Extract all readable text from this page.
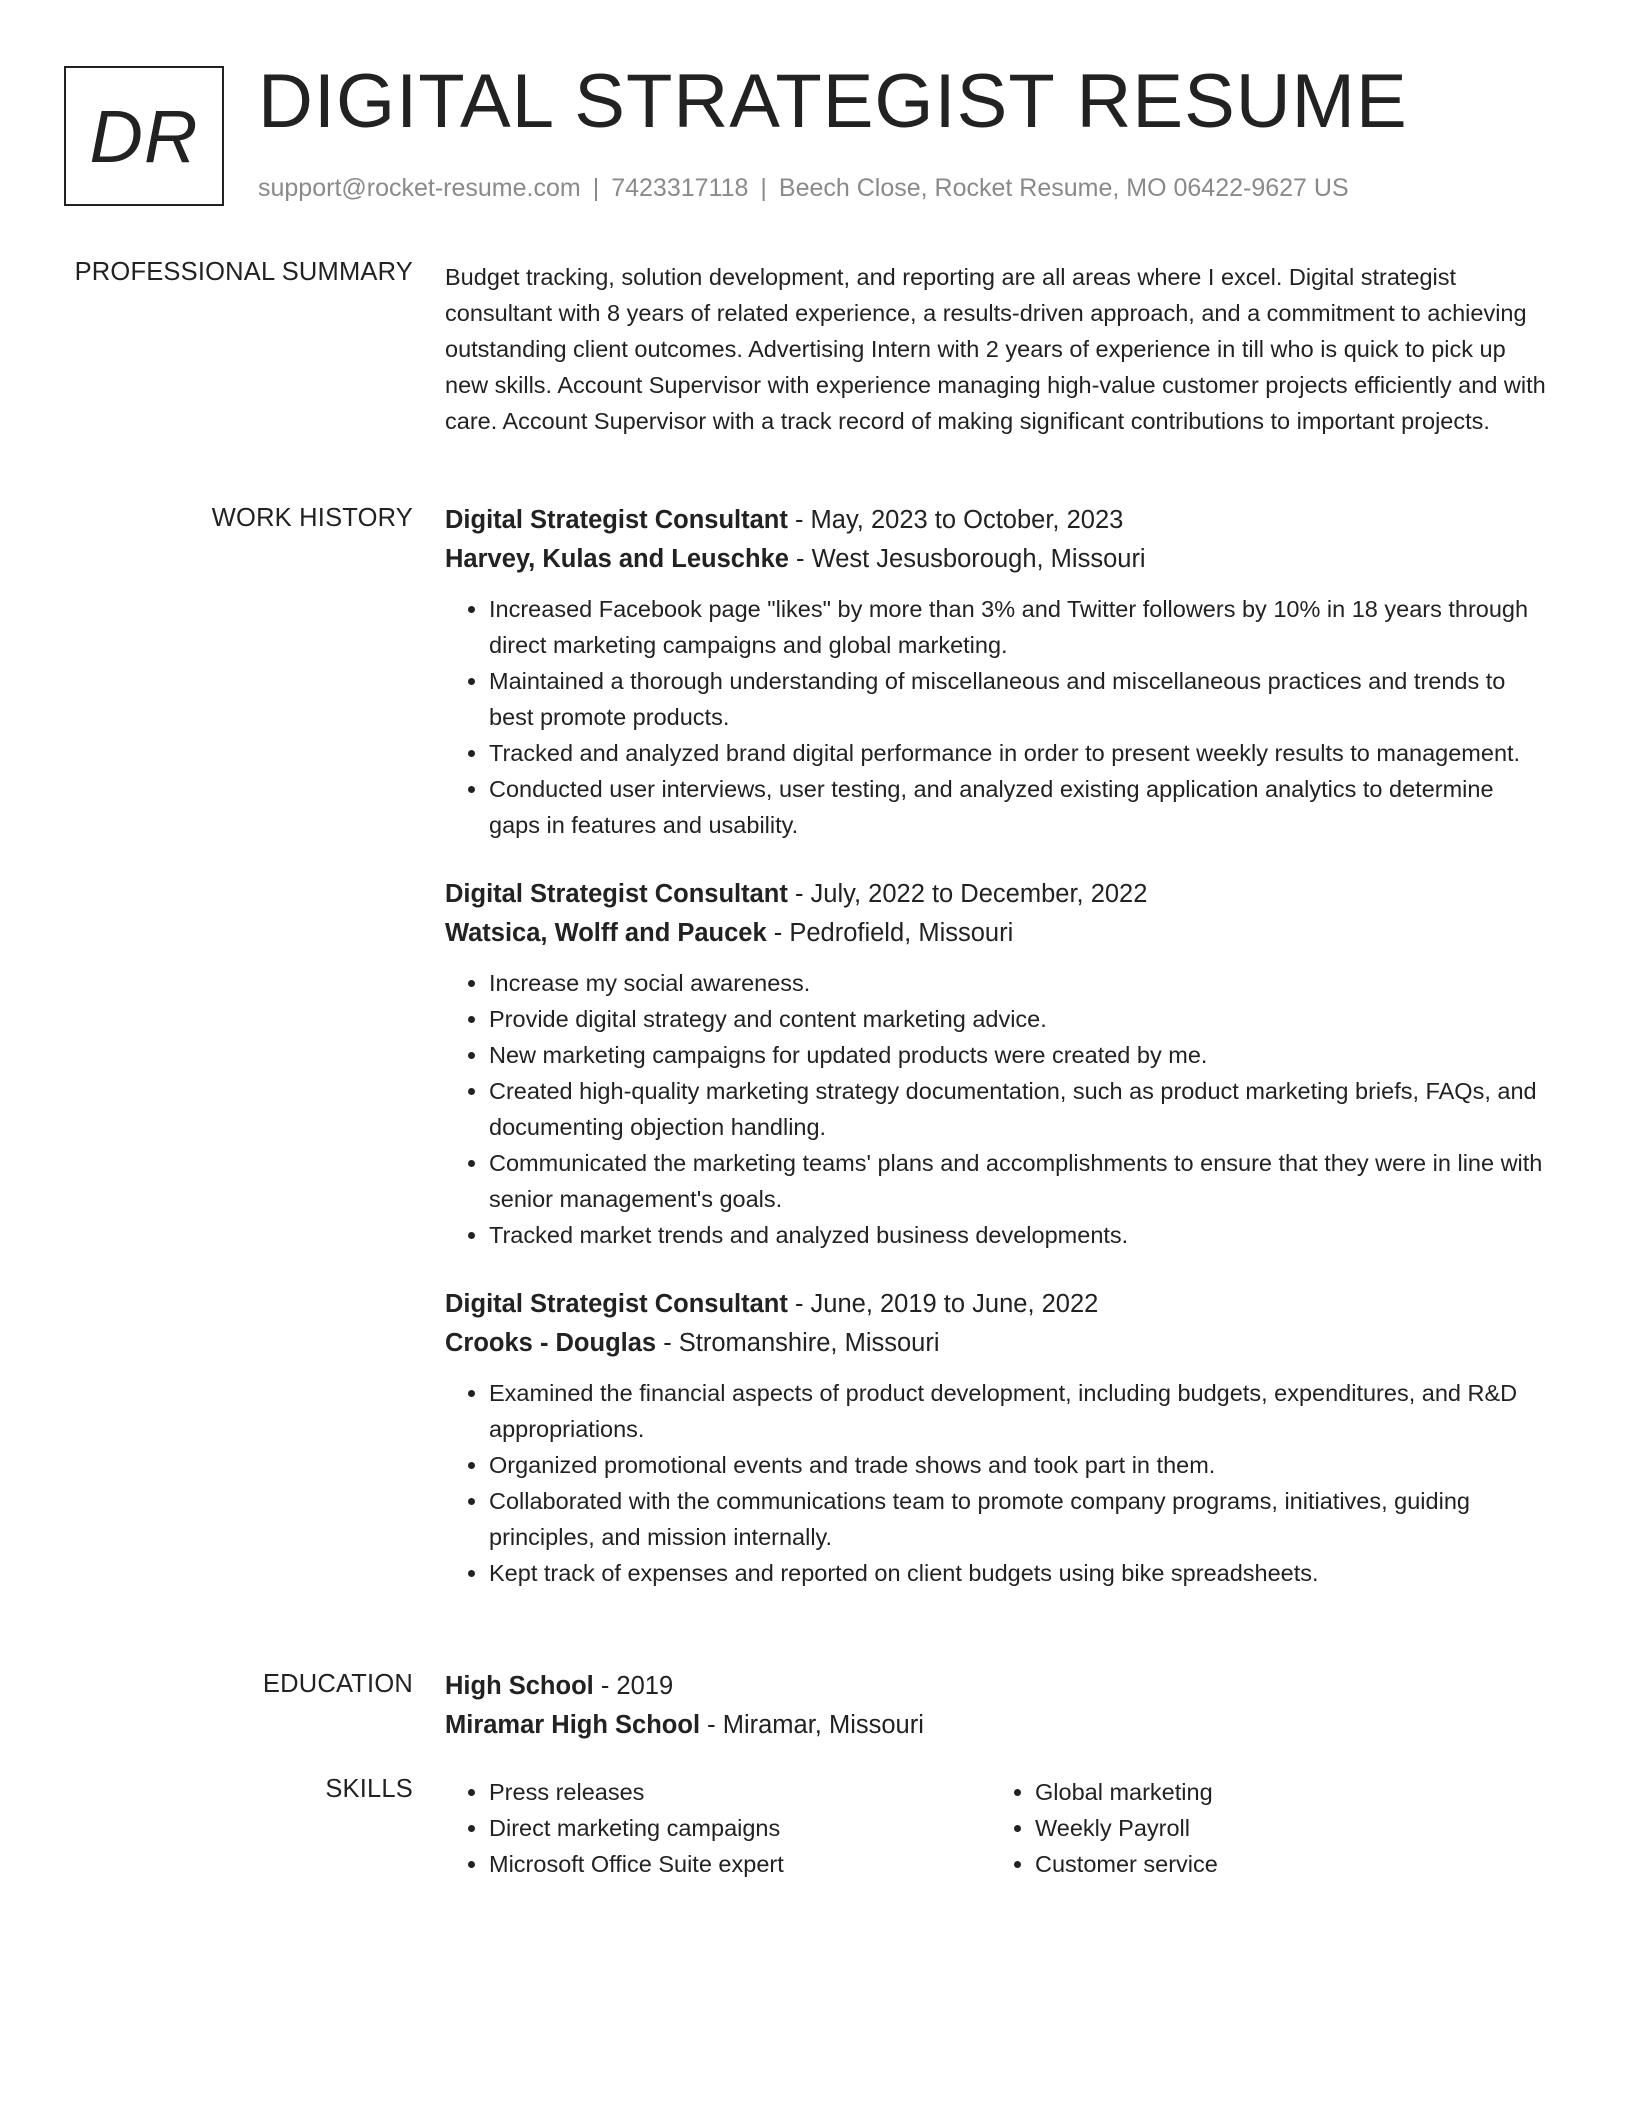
DR DIGITAL STRATEGIST RESUME
support@rocket-resume.com | 7423317118 | Beech Close, Rocket Resume, MO 06422-9627 US
PROFESSIONAL SUMMARY Budget tracking, solution development, and reporting are all areas where I excel. Digital strategist consultant with 8 years of related experience, a results-driven approach, and a commitment to achieving outstanding client outcomes. Advertising Intern with 2 years of experience in till who is quick to pick up new skills. Account Supervisor with experience managing high-value customer projects efficiently and with care. Account Supervisor with a track record of making significant contributions to important projects.

WORK HISTORY Digital Strategist Consultant - May, 2023 to October, 2023
Harvey, Kulas and Leuschke - West Jesusborough, Missouri
• Increased Facebook page "likes" by more than 3% and Twitter followers by 10% in 18 years through direct marketing campaigns and global marketing.
• Maintained a thorough understanding of miscellaneous and miscellaneous practices and trends to best promote products.
• Tracked and analyzed brand digital performance in order to present weekly results to management.
• Conducted user interviews, user testing, and analyzed existing application analytics to determine gaps in features and usability.
Digital Strategist Consultant - July, 2022 to December, 2022
Watsica, Wolff and Paucek - Pedrofield, Missouri
• Increase my social awareness.
• Provide digital strategy and content marketing advice.
• New marketing campaigns for updated products were created by me.
• Created high-quality marketing strategy documentation, such as product marketing briefs, FAQs, and documenting objection handling.
• Communicated the marketing teams' plans and accomplishments to ensure that they were in line with senior management's goals.
• Tracked market trends and analyzed business developments.
Digital Strategist Consultant - June, 2019 to June, 2022
Crooks - Douglas - Stromanshire, Missouri
• Examined the financial aspects of product development, including budgets, expenditures, and R&D appropriations.
• Organized promotional events and trade shows and took part in them.
• Collaborated with the communications team to promote company programs, initiatives, guiding principles, and mission internally.
• Kept track of expenses and reported on client budgets using bike spreadsheets.
EDUCATION High School - 2019
Miramar High School - Miramar, Missouri
SKILLS
•	Press releases
• Direct marketing campaigns
• Microsoft Office Suite expert
• Global marketing
• Weekly Payroll
• Customer service
